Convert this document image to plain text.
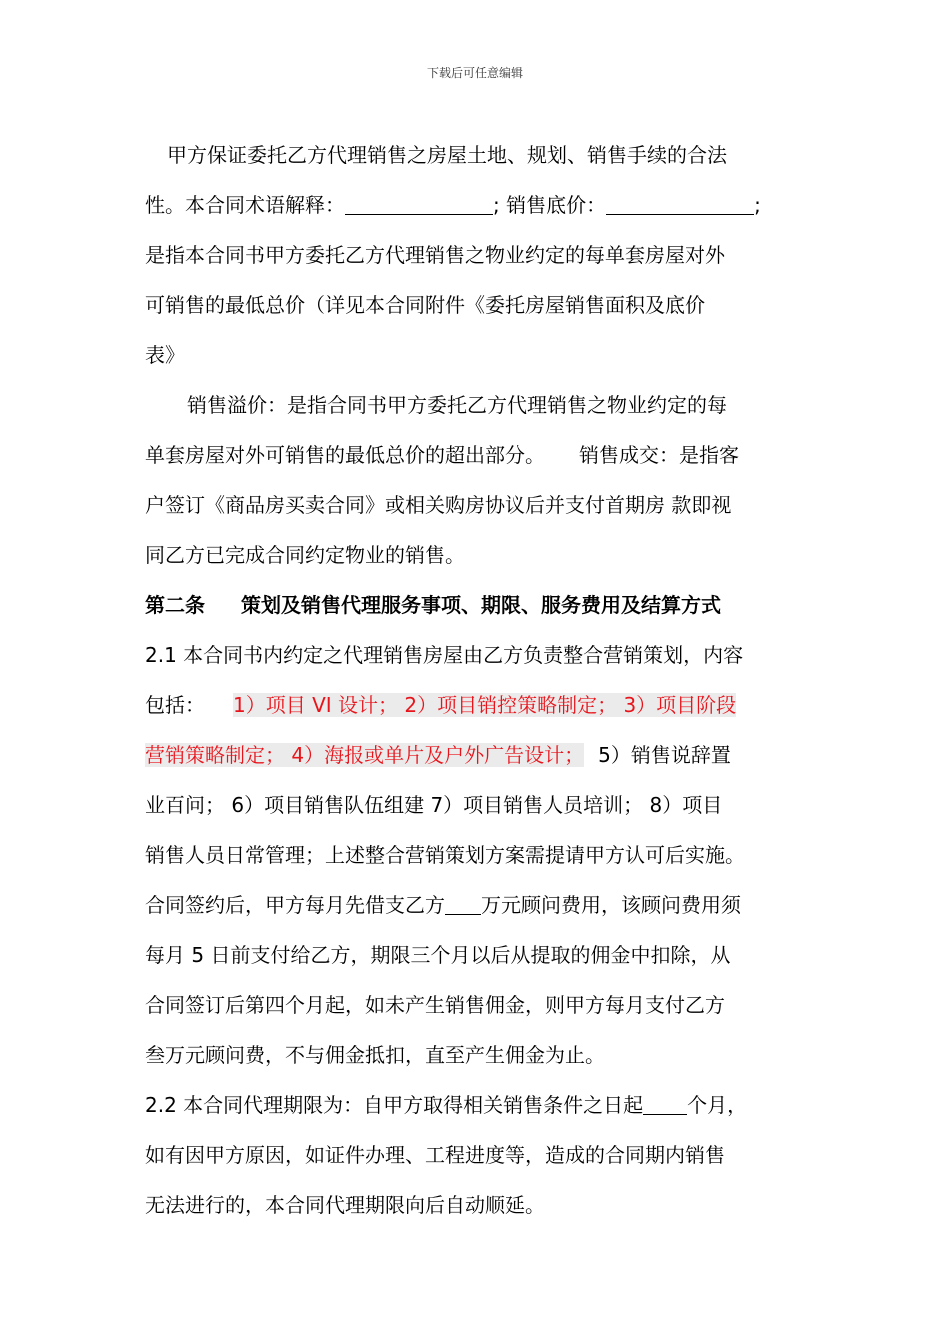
下载后可任意编辑
甲方保证委托乙方代理销售之房屋土地、规划、销售手续的合法
性。本合同术语解释：	; 销售底价：	;
是指本合同书甲方委托乙方代理销售之物业约定的每单套房屋对外
可销售的最低总价（详见本合同附件《委托房屋销售面积及底价
表》
销售溢价：是指合同书甲方委托乙方代理销售之物业约定的每
单套房屋对外可销售的最低总价的超出部分。 销售成交：是指客
户签订《商品房买卖合同》或相关购房协议后并支付首期房 款即视
同乙方已完成合同约定物业的销售。
第二条 策划及销售代理服务事项、期限、服务费用及结算方式
2.1 本合同书内约定之代理销售房屋由乙方负责整合营销策划，内容
包括： 1）项目 VI 设计； 2）项目销控策略制定； 3）项目阶段
营销策略制定； 4）海报或单片及户外广告设计； 5）销售说辞置
业百问； 6）项目销售队伍组建 7）项目销售人员培训； 8）项目
销售人员日常管理；上述整合营销策划方案需提请甲方认可后实施。
合同签约后，甲方每月先借支乙方 万元顾问费用，该顾问费用须
每月 5 日前支付给乙方，期限三个月以后从提取的佣金中扣除，从
合同签订后第四个月起，如未产生销售佣金，则甲方每月支付乙方
叁万元顾问费，不与佣金抵扣，直至产生佣金为止。
2.2 本合同代理期限为：自甲方取得相关销售条件之日起 个月，
如有因甲方原因，如证件办理、工程进度等，造成的合同期内销售
无法进行的，本合同代理期限向后自动顺延。
